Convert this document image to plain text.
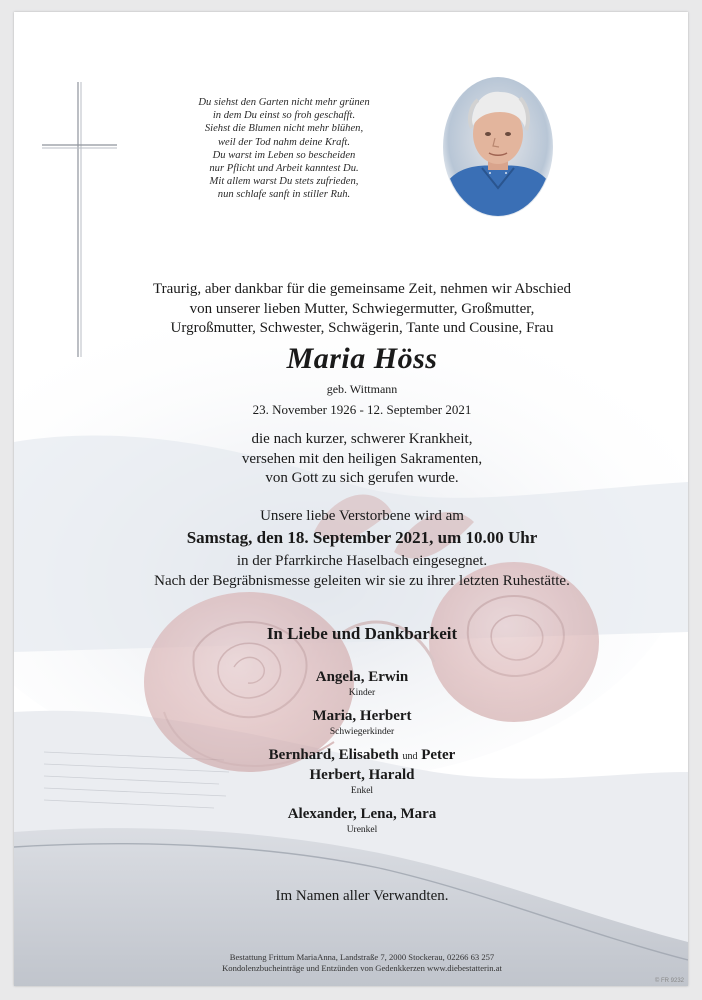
Du siehst den Garten nicht mehr grünen
in dem Du einst so froh geschafft.
Siehst die Blumen nicht mehr blühen,
weil der Tod nahm deine Kraft.
Du warst im Leben so bescheiden
nur Pflicht und Arbeit kanntest Du.
Mit allem warst Du stets zufrieden,
nun schlafe sanft in stiller Ruh.
Traurig, aber dankbar für die gemeinsame Zeit, nehmen wir Abschied
von unserer lieben Mutter, Schwiegermutter, Großmutter,
Urgroßmutter, Schwester, Schwägerin, Tante und Cousine, Frau
Maria Höss
geb. Wittmann
23. November 1926 - 12. September 2021
die nach kurzer, schwerer Krankheit,
versehen mit den heiligen Sakramenten,
von Gott zu sich gerufen wurde.
Unsere liebe Verstorbene wird am
Samstag, den 18. September 2021, um 10.00 Uhr
in der Pfarrkirche Haselbach eingesegnet.
Nach der Begräbnismesse geleiten wir sie zu ihrer letzten Ruhestätte.
In Liebe und Dankbarkeit
Angela, Erwin
Kinder
Maria, Herbert
Schwiegerkinder
Bernhard, Elisabeth und Peter
Herbert, Harald
Enkel
Alexander, Lena, Mara
Urenkel
Im Namen aller Verwandten.
Bestattung Frittum MariaAnna, Landstraße 7, 2000 Stockerau, 02266 63 257
Kondolenzbucheinträge und Entzünden von Gedenkkerzen www.diebestatterin.at
© FR 9232
